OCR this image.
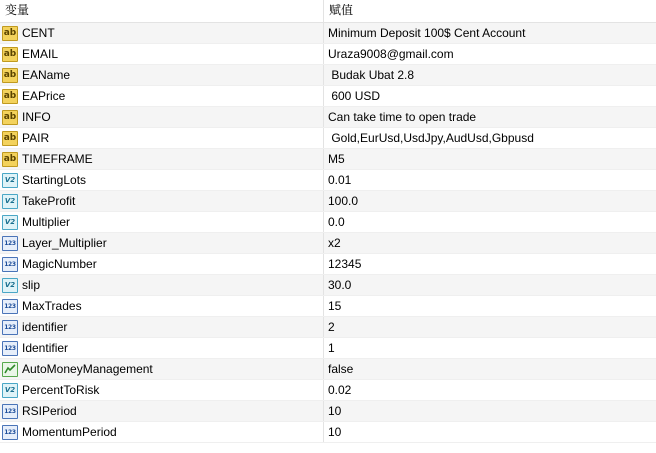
变量	赋值
ab CENT	Minimum Deposit 100$ Cent Account
ab EMAIL	Uraza9008@gmail.com
ab EAName	Budak Ubat 2.8
ab EAPrice	600 USD
ab INFO	Can take time to open trade
ab PAIR	Gold,EurUsd,UsdJpy,AudUsd,Gbpusd
ab TIMEFRAME	M5
V2 StartingLots	0.01
V2 TakeProfit	100.0
V2 Multiplier	0.0
123 Layer_Multiplier	x2
123 MagicNumber	12345
V2 slip	30.0
123 MaxTrades	15
123 identifier	2
123 Identifier	1
AutoMoneyManagement	false
V2 PercentToRisk	0.02
123 RSIPeriod	10
123 MomentumPeriod	10
